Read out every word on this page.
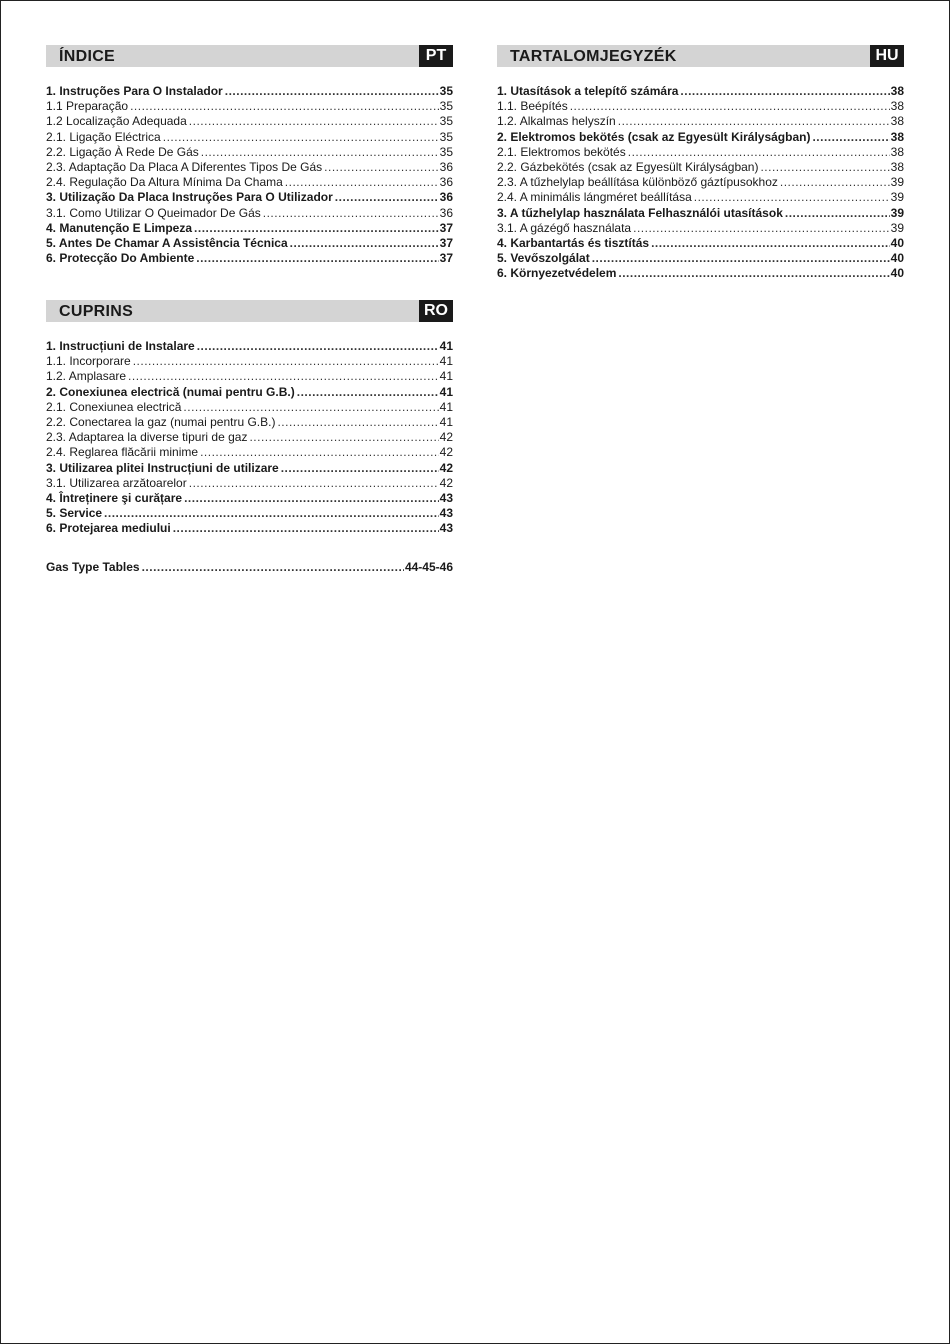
ÍNDICE	PT
1. Instruções Para O Instalador .....	35
1.1 Preparação .....	35
1.2 Localização Adequada .....	35
2.1. Ligação Eléctrica .....	35
2.2. Ligação À Rede De Gás .....	35
2.3. Adaptação Da Placa A Diferentes Tipos De Gás .....	36
2.4. Regulação Da Altura Mínima Da Chama .....	36
3. Utilização Da Placa Instruções Para O Utilizador .....	36
3.1. Como Utilizar O Queimador De Gás .....	36
4. Manutenção E Limpeza .....	37
5. Antes De Chamar A Assistência Técnica .....	37
6. Protecção Do Ambiente .....	37
TARTALOMJEGYZÉK	HU
1. Utasítások a telepítő számára .....	38
1.1. Beépítés .....	38
1.2. Alkalmas helyszín .....	38
2. Elektromos bekötés (csak az Egyesült Királyságban) .....	38
2.1. Elektromos bekötés .....	38
2.2. Gázbekötés (csak az Egyesült Királyságban) .....	38
2.3. A tűzhelylap beállítása különböző gáztípusokhoz .....	39
2.4. A minimális lángméret beállítása .....	39
3. A tűzhelylap használata Felhasználói utasítások .....	39
3.1. A gázégő használata .....	39
4. Karbantartás és tisztítás .....	40
5. Vevőszolgálat .....	40
6. Környezetvédelem .....	40
CUPRINS	RO
1. Instrucțiuni de Instalare .....	41
1.1. Incorporare .....	41
1.2. Amplasare .....	41
2. Conexiunea electrică (numai pentru G.B.) .....	41
2.1. Conexiunea electrică .....	41
2.2. Conectarea la gaz (numai pentru G.B.) .....	41
2.3. Adaptarea la diverse tipuri de gaz .....	42
2.4. Reglarea flăcării minime .....	42
3. Utilizarea plitei Instrucțiuni de utilizare .....	42
3.1. Utilizarea arzătoarelor .....	42
4. Întreținere şi curățare .....	43
5. Service .....	43
6. Protejarea mediului .....	43
Gas Type Tables .....	44-45-46
